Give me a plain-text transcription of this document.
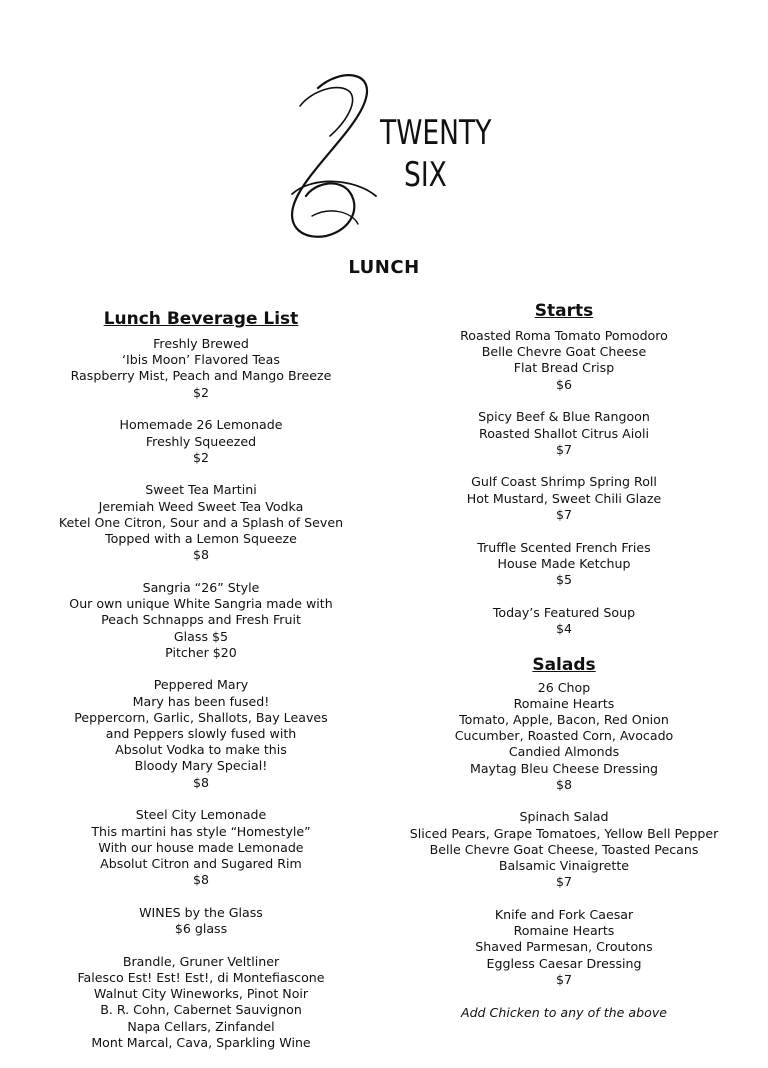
TWENTY
SIX
LUNCH
Lunch Beverage List
Freshly Brewed
‘Ibis Moon’ Flavored Teas
Raspberry Mist, Peach and Mango Breeze
$2
Homemade 26 Lemonade
Freshly Squeezed
$2
Sweet Tea Martini
Jeremiah Weed Sweet Tea Vodka
Ketel One Citron, Sour and a Splash of Seven
Topped with a Lemon Squeeze
$8
Sangria “26” Style
Our own unique White Sangria made with
Peach Schnapps and Fresh Fruit
Glass $5
Pitcher $20
Peppered Mary
Mary has been fused!
Peppercorn, Garlic, Shallots, Bay Leaves
and Peppers slowly fused with
Absolut Vodka to make this
Bloody Mary Special!
$8
Steel City Lemonade
This martini has style “Homestyle”
With our house made Lemonade
Absolut Citron and Sugared Rim
$8
WINES by the Glass
$6 glass
Brandle, Gruner Veltliner
Falesco Est! Est! Est!, di Montefiascone
Walnut City Wineworks, Pinot Noir
B. R. Cohn, Cabernet Sauvignon
Napa Cellars, Zinfandel
Mont Marcal, Cava, Sparkling Wine
Starts
Roasted Roma Tomato Pomodoro
Belle Chevre Goat Cheese
Flat Bread Crisp
$6
Spicy Beef & Blue Rangoon
Roasted Shallot Citrus Aioli
$7
Gulf Coast Shrimp Spring Roll
Hot Mustard, Sweet Chili Glaze
$7
Truffle Scented French Fries
House Made Ketchup
$5
Today’s Featured Soup
$4
Salads
26 Chop
Romaine Hearts
Tomato, Apple, Bacon, Red Onion
Cucumber, Roasted Corn, Avocado
Candied Almonds
Maytag Bleu Cheese Dressing
$8
Spinach Salad
Sliced Pears, Grape Tomatoes, Yellow Bell Pepper
Belle Chevre Goat Cheese, Toasted Pecans
Balsamic Vinaigrette
$7
Knife and Fork Caesar
Romaine Hearts
Shaved Parmesan, Croutons
Eggless Caesar Dressing
$7
Add Chicken to any of the above
